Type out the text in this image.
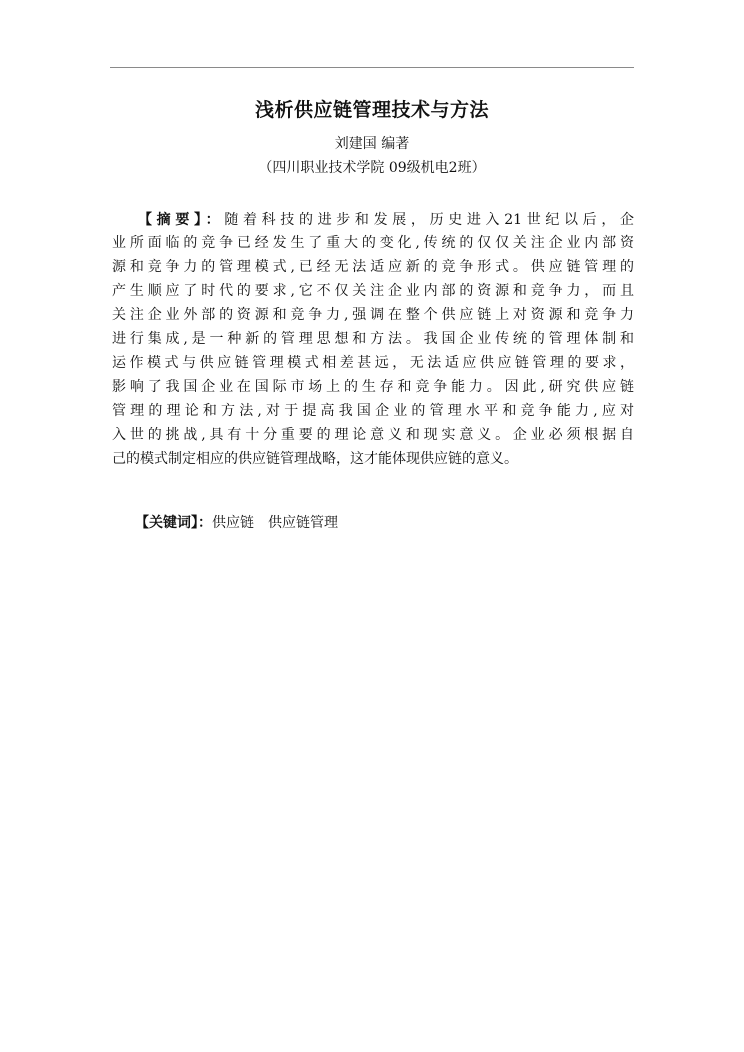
浅析供应链管理技术与方法
刘建国 编著
（四川职业技术学院 09级机电2班）
【摘要】：随着科技的进步和发展，历史进入21世纪以后，企
业所面临的竞争已经发生了重大的变化,传统的仅仅关注企业内部资
源和竞争力的管理模式,已经无法适应新的竞争形式。供应链管理的
产生顺应了时代的要求,它不仅关注企业内部的资源和竞争力，而且
关注企业外部的资源和竞争力,强调在整个供应链上对资源和竞争力
进行集成,是一种新的管理思想和方法。我国企业传统的管理体制和
运作模式与供应链管理模式相差甚远，无法适应供应链管理的要求，
影响了我国企业在国际市场上的生存和竞争能力。因此,研究供应链
管理的理论和方法,对于提高我国企业的管理水平和竞争能力,应对
入世的挑战,具有十分重要的理论意义和现实意义。企业必须根据自
己的模式制定相应的供应链管理战略，这才能体现供应链的意义。
【关键词】：供应链　供应链管理
